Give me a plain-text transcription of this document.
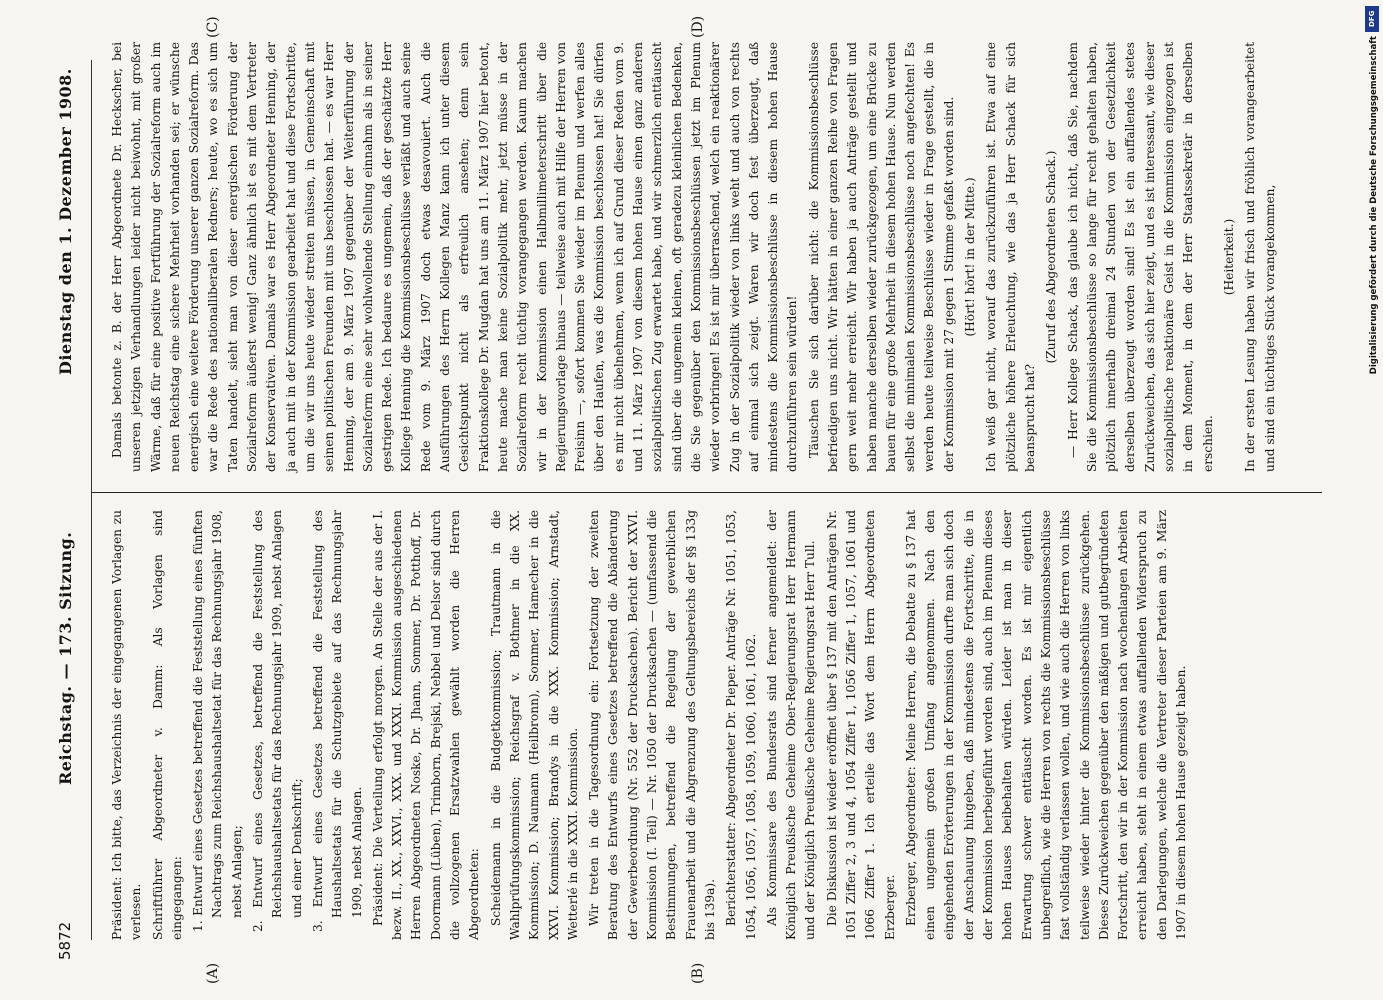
5872
Reichstag. — 173. Sitzung.
Dienstag den 1. Dezember 1908.
(A)	(B)
(C)	(D)

Präsident: Ich bitte, das Verzeichnis der eingegangenen Vorlagen zu verlesen. Schriftführer Abgeordneter v. Damm: Als Vorlagen sind eingegangen: 1. Entwurf eines Gesetzes betreffend die Feststellung eines fünften Nachtrags zum Reichshaushaltsetat für das Rechnungsjahr 1908, nebst Anlagen; 2. Entwurf eines Gesetzes, betreffend die Feststellung des Reichshaushaltsetats für das Rechnungsjahr 1909, nebst Anlagen und einer Denkschrift; 3. Entwurf eines Gesetzes betreffend die Feststellung des Haushaltsetats für die Schutzgebiete auf das Rechnungsjahr 1909, nebst Anlagen. Präsident: Die Verteilung erfolgt morgen. An Stelle der aus der I. bezw. II., XX., XXVI., XXX. und XXXI. Kommission ausgeschiedenen Herren Abgeordneten Noske, Dr. Jhann, Sommer, Dr. Potthoff, Dr. Doormann (Lüben), Trimborn, Brejski, Nebbel und Delsor sind durch die vollzogenen Ersatzwahlen gewählt worden die Herren Abgeordneten: Scheidemann in die Budgetkommission; Trautmann in die Wahlprüfungskommission; Reichsgraf v. Bothmer in die XX. Kommission; D. Naumann (Heilbronn), Sommer, Hamecher in die XXVI. Kommission; Brandys in die XXX. Kommission; Arnstadt, Wetterlé in die XXXI. Kommission. Wir treten in die Tagesordnung ein: Fortsetzung der zweiten Beratung des Entwurfs eines Gesetzes betreffend die Abänderung der Gewerbeordnung (Nr. 552 der Drucksachen). Bericht der XXVI. Kommission (I. Teil) — Nr. 1050 der Drucksachen — (umfassend die Bestimmungen, betreffend die Regelung der gewerblichen Frauenarbeit und die Abgrenzung des Geltungsbereichs der §§ 133g bis 139a). Berichterstatter: Abgeordneter Dr. Pieper. Anträge Nr. 1051, 1053, 1054, 1056, 1057, 1058, 1059, 1060, 1061, 1062. Als Kommissare des Bundesrats sind ferner angemeldet: der Königlich Preußische Geheime Ober-Regierungsrat Herr Hermann und der Königlich Preußische Geheime Regierungsrat Herr Tull. Die Diskussion ist wieder eröffnet über § 137 mit den Anträgen Nr. 1051 Ziffer 2, 3 und 4, 1054 Ziffer 1, 1056 Ziffer 1, 1057, 1061 und 1066 Ziffer 1. Ich erteile das Wort dem Herrn Abgeordneten Erzberger. Erzberger, Abgeordneter: Meine Herren, die Debatte zu § 137 hat einen ungemein großen Umfang angenommen. Nach den eingehenden Erörterungen in der Kommission durfte man sich doch der Anschauung hingeben, daß mindestens die Fortschritte, die in der Kommission herbeigeführt worden sind, auch im Plenum dieses hohen Hauses beibehalten würden. Leider ist man in dieser Erwartung schwer enttäuscht worden. Es ist mir eigentlich unbegreiflich, wie die Herren von rechts die Kommissionsbeschlüsse fast vollständig verlassen wollen, und wie auch die Herren von links teilweise wieder hinter die Kommissionsbeschlüsse zurückgehen. Dieses Zurückweichen gegenüber den mäßigen und gutbegründeten Fortschritt, den wir in der Kommission nach wochenlangen Arbeiten erreicht haben, steht in einem etwas auffallenden Widerspruch zu den Darlegungen, welche die Vertreter dieser Parteien am 9. März 1907 in diesem hohen Hause gezeigt haben.

Damals betonte z. B. der Herr Abgeordnete Dr. Heckscher, bei unseren jetzigen Verhandlungen leider nicht beiwohnt, mit großer Wärme, daß für eine positive Fortführung der Sozialreform auch im neuen Reichstag eine sichere Mehrheit vorhanden sei; er wünsche energisch eine weitere Förderung unserer ganzen Sozialreform. Das war die Rede des nationalliberalen Redners; heute, wo es sich um Taten handelt, sieht man von dieser energischen Förderung der Sozialreform äußerst wenig! Ganz ähnlich ist es mit dem Vertreter der Konservativen. Damals war es Herr Abgeordneter Henning, der ja auch mit in der Kommission gearbeitet hat und diese Fortschritte, um die wir uns heute wieder streiten müssen, in Gemeinschaft mit seinen politischen Freunden mit uns beschlossen hat. — es war Herr Henning, der am 9. März 1907 gegenüber der Weiterführung der Sozialreform eine sehr wohlwollende Stellung einnahm als in seiner gestrigen Rede. Ich bedaure es ungemein, daß der geschätzte Herr Kollege Henning die Kommissionsbeschlüsse verläßt und auch seine Rede vom 9. März 1907 doch etwas desavouiert. Auch die Ausführungen des Herrn Kollegen Manz kann ich unter diesem Gesichtspunkt nicht als erfreulich ansehen; denn sein Fraktionskollege Dr. Mugdan hat uns am 11. März 1907 hier betont, heute mache man keine Sozialpolitik mehr, jetzt müsse in der Sozialreform recht tüchtig vorangegangen werden. Kaum machen wir in der Kommission einen Halbmillimeterschritt über die Regierungsvorlage hinaus — teilweise auch mit Hilfe der Herren von Freisinn —, sofort kommen Sie wieder im Plenum und werfen alles über den Haufen, was die Kommission beschlossen hat! Sie dürfen es mir nicht übelnehmen, wenn ich auf Grund dieser Reden vom 9. und 11. März 1907 von diesem hohen Hause einen ganz anderen sozialpolitischen Zug erwartet habe, und wir schmerzlich enttäuscht sind über die ungemein kleinen, oft geradezu kleinlichen Bedenken, die Sie gegenüber den Kommissionsbeschlüssen jetzt im Plenum wieder vorbringen! Es ist mir überraschend, welch ein reaktionärer Zug in der Sozialpolitik wieder von links weht und auch von rechts auf einmal sich zeigt. Waren wir doch fest überzeugt, daß mindestens die Kommissionsbeschlüsse in diesem hohen Hause durchzuführen sein würden! Täuschen Sie sich darüber nicht: die Kommissionsbeschlüsse befriedigen uns nicht. Wir hätten in einer ganzen Reihe von Fragen gern weit mehr erreicht. Wir haben ja auch Anträge gestellt und haben manche derselben wieder zurückgezogen, um eine Brücke zu bauen für eine große Mehrheit in diesem hohen Hause. Nun werden selbst die minimalen Kommissionsbeschlüsse noch angefochten! Es werden heute teilweise Beschlüsse wieder in Frage gestellt, die in der Kommission mit 27 gegen 1 Stimme gefaßt worden sind. (Hört! hört! in der Mitte.) Ich weiß gar nicht, worauf das zurückzuführen ist. Etwa auf eine plötzliche höhere Erleuchtung, wie das ja Herr Schack für sich beansprucht hat?

(Zuruf des Abgeordneten Schack.) — Herr Kollege Schack, das glaube ich nicht, daß Sie, nachdem Sie die Kommissionsbeschlüsse so lange für recht gehalten haben, plötzlich innerhalb dreimal 24 Stunden von der Gesetzlichkeit derselben überzeugt worden sind! Es ist ein auffallendes stetes Zurückweichen, das sich hier zeigt, und es ist interessant, wie dieser sozialpolitische reaktionäre Geist in die Kommission eingezogen ist in dem Moment, in dem der Herr Staatssekretär in derselben erschien.

(Heiterkeit.) In der ersten Lesung haben wir frisch und fröhlich vorangearbeitet und sind ein tüchtiges Stück vorangekommen,

DFG
Digitalisierung gefördert durch die Deutsche Forschungsgemeinschaft
